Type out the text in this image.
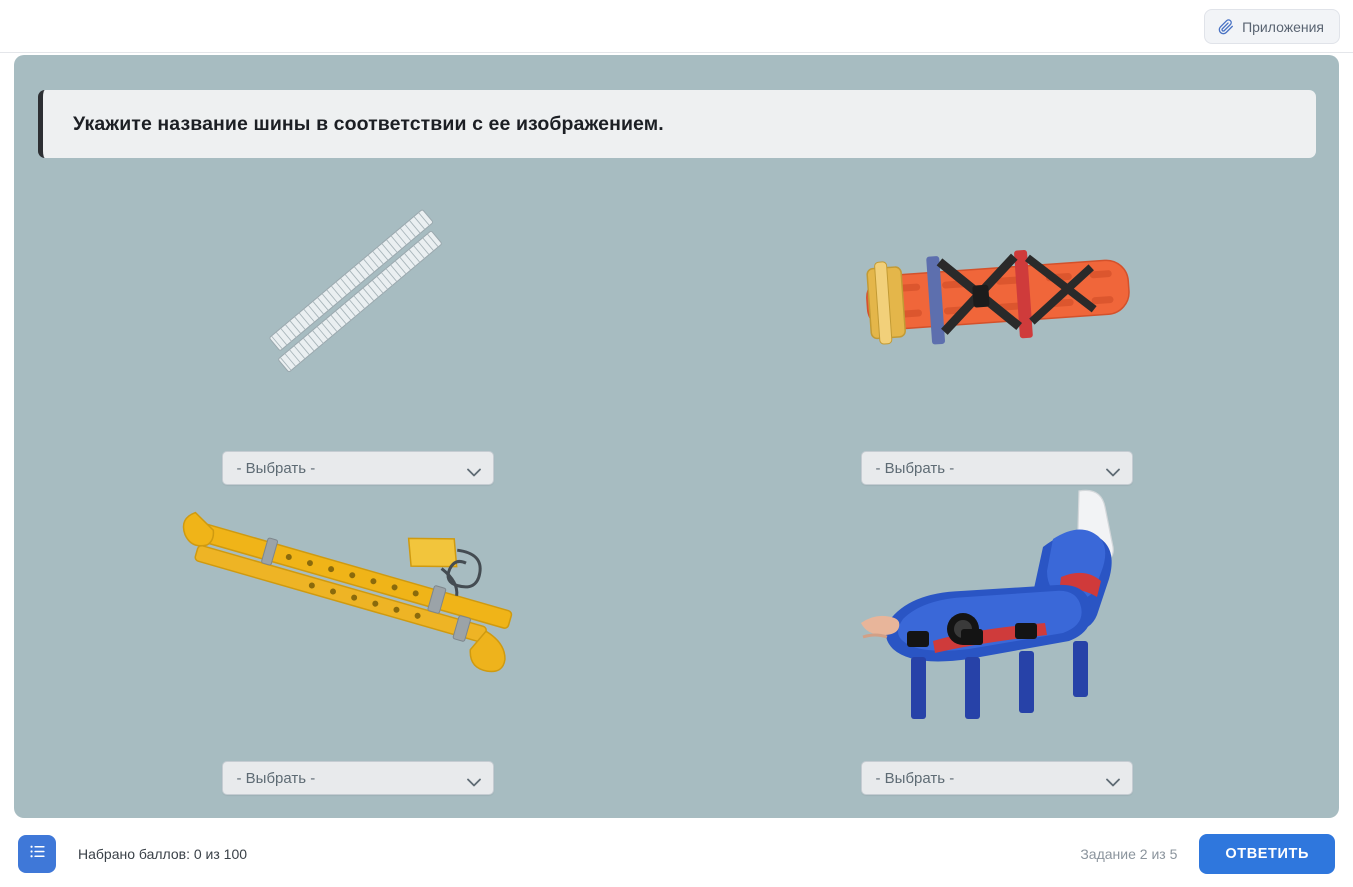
Приложения
Укажите название шины в соответствии с ее изображением.
- Выбрать -	- Выбрать -
- Выбрать -	- Выбрать -
Набрано баллов: 0 из 100	Задание 2 из 5	ОТВЕТИТЬ
